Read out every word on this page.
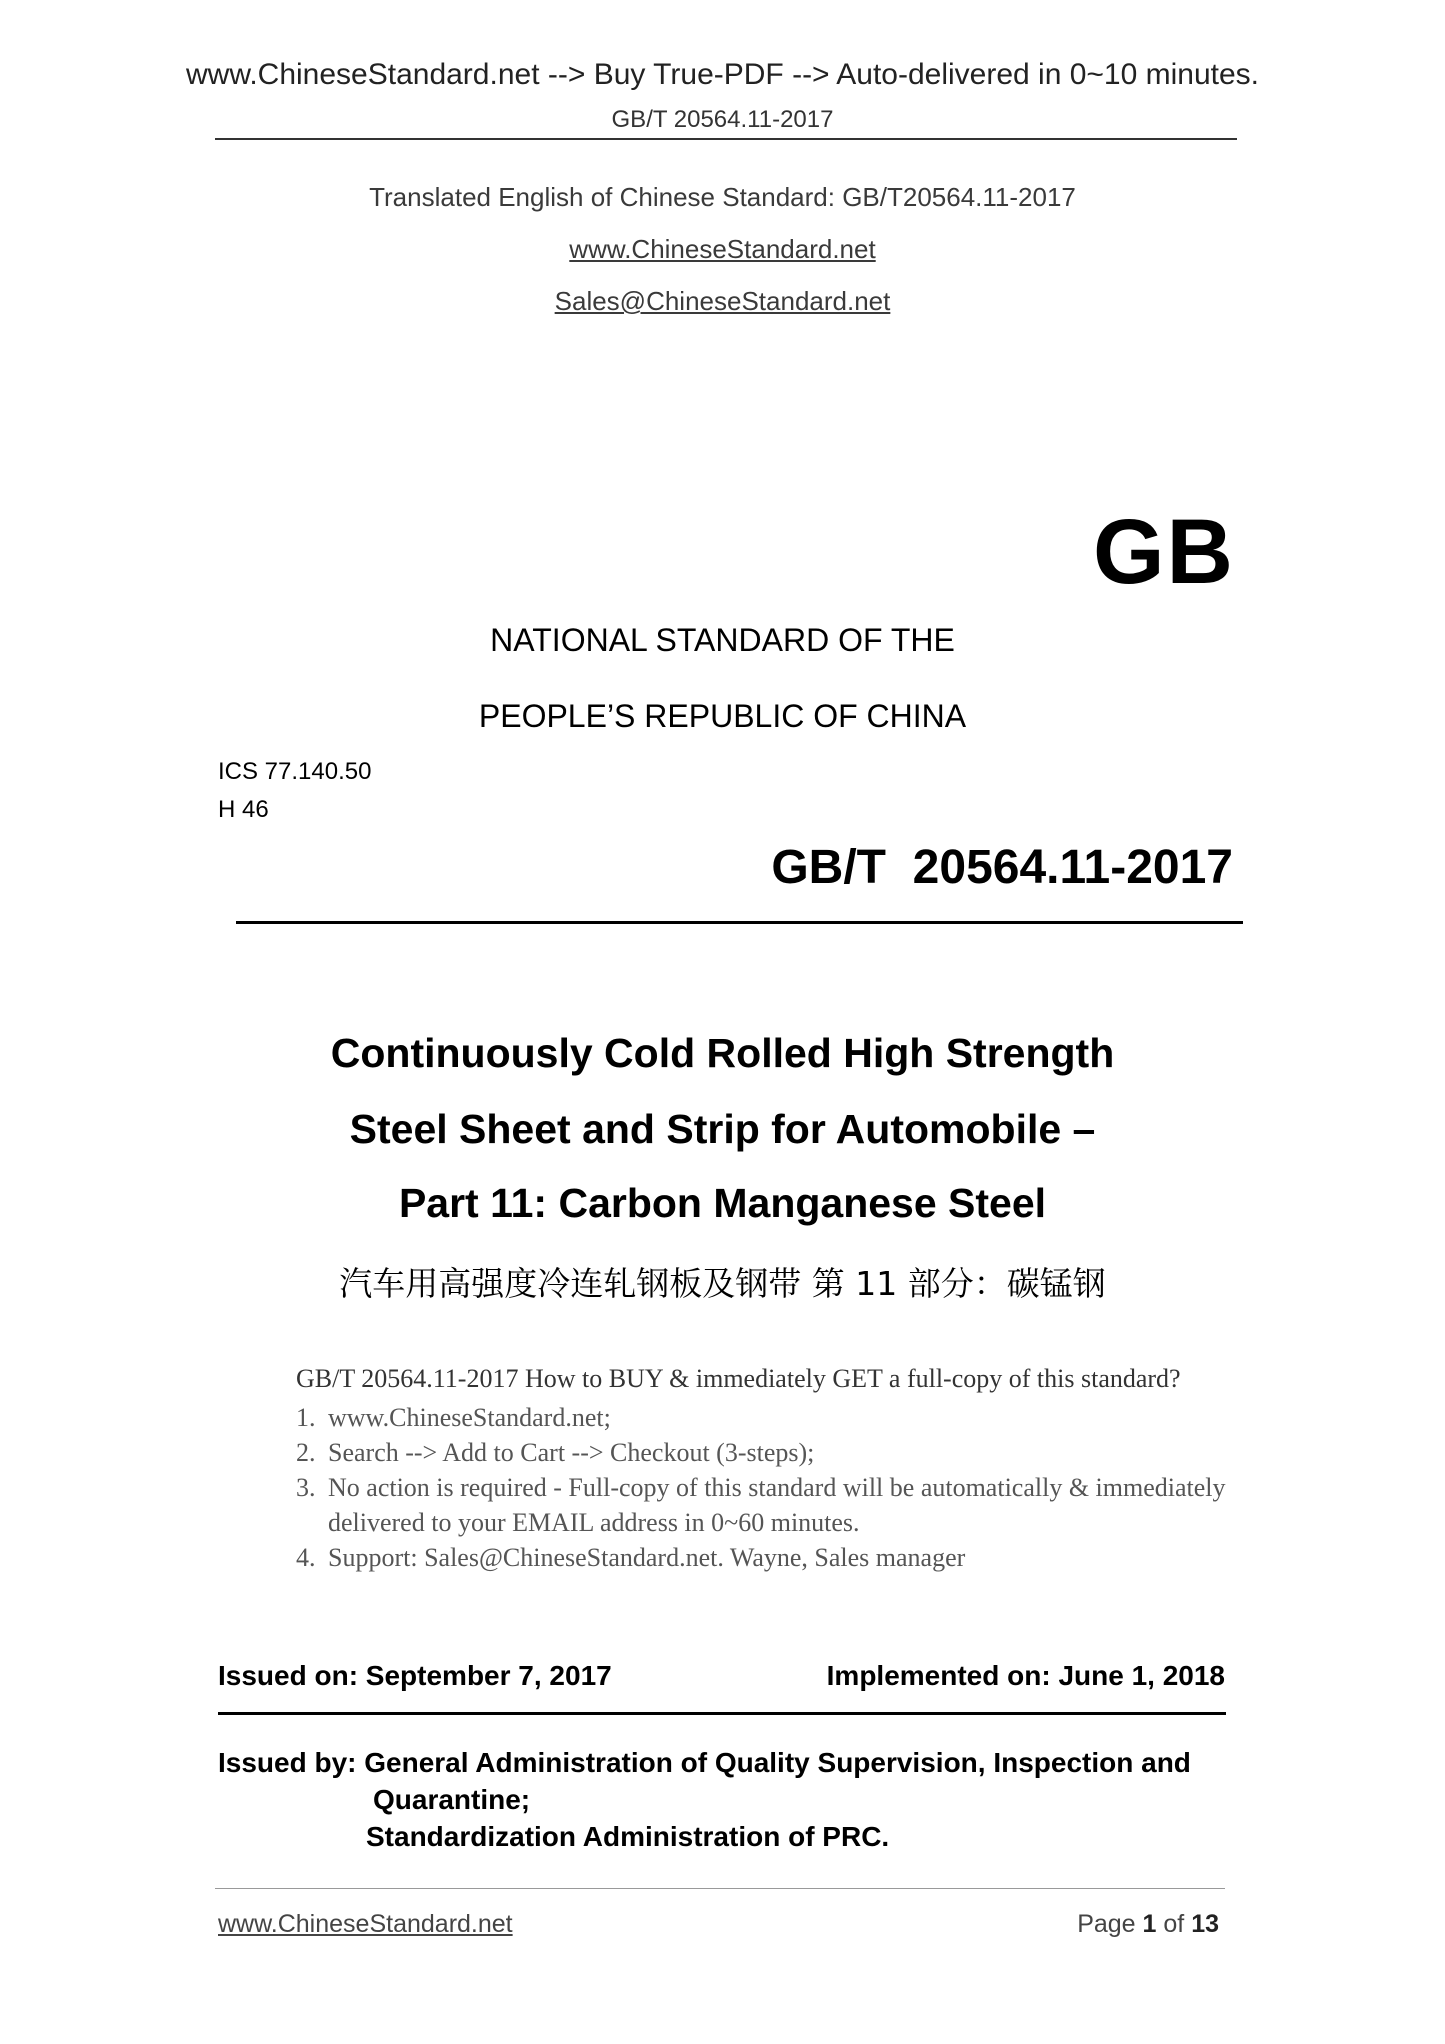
www.ChineseStandard.net --> Buy True-PDF --> Auto-delivered in 0~10 minutes.
GB/T 20564.11-2017
Translated English of Chinese Standard: GB/T20564.11-2017
www.ChineseStandard.net
Sales@ChineseStandard.net
GB
NATIONAL STANDARD OF THE
PEOPLE’S REPUBLIC OF CHINA
ICS 77.140.50
H 46
GB/T  20564.11-2017
Continuously Cold Rolled High Strength
Steel Sheet and Strip for Automobile –
Part 11: Carbon Manganese Steel
汽车用高强度冷连轧钢板及钢带 第 11 部分：碳锰钢
GB/T 20564.11-2017 How to BUY & immediately GET a full-copy of this standard?
1. www.ChineseStandard.net;
2. Search --> Add to Cart --> Checkout (3-steps);
3. No action is required - Full-copy of this standard will be automatically & immediately delivered to your EMAIL address in 0~60 minutes.
4. Support: Sales@ChineseStandard.net. Wayne, Sales manager
Issued on: September 7, 2017	Implemented on: June 1, 2018
Issued by: General Administration of Quality Supervision, Inspection and
Quarantine;
Standardization Administration of PRC.
www.ChineseStandard.net	Page 1 of 13
